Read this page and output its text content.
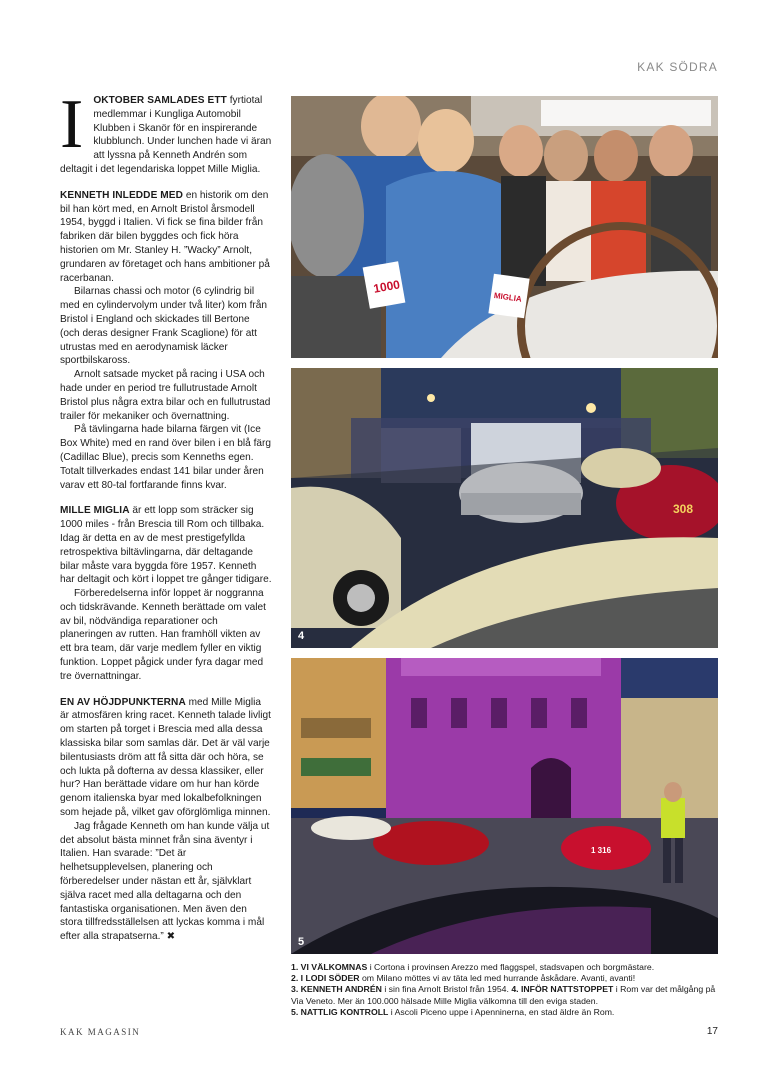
KAK SÖDRA

I OKTOBER SAMLADES ETT fyrtiotal medlemmar i Kungliga Automobil Klubben i Skanör för en inspirerande klubblunch. Under lunchen hade vi äran att lyssna på Kenneth Andrén som deltagit i det legendariska loppet Mille Miglia.

KENNETH INLEDDE MED en historik om den bil han kört med, en Arnolt Bristol årsmodell 1954, byggd i Italien. Vi fick se fina bilder från fabriken där bilen byggdes och fick höra historien om Mr. Stanley H. ”Wacky” Arnolt, grundaren av företaget och hans ambitioner på racerbanan.

Bilarnas chassi och motor (6 cylindrig bil med en cylindervolym under två liter) kom från Bristol i England och skickades till Bertone (och deras designer Frank Scaglione) för att utrustas med en aerodynamisk läcker sportbilskaross.

Arnolt satsade mycket på racing i USA och hade under en period tre fullutrustade Arnolt Bristol plus några extra bilar och en fullutrustad trailer för mekaniker och övernattning.

På tävlingarna hade bilarna färgen vit (Ice Box White) med en rand över bilen i en blå färg (Cadillac Blue), precis som Kenneths egen. Totalt tillverkades endast 141 bilar under åren varav ett 80-tal fortfarande finns kvar.

MILLE MIGLIA är ett lopp som sträcker sig 1000 miles - från Brescia till Rom och tillbaka. Idag är detta en av de mest prestigefyllda retrospektiva biltävlingarna, där deltagande bilar måste vara byggda före 1957. Kenneth har deltagit och kört i loppet tre gånger tidigare.

Förberedelserna inför loppet är noggranna och tidskrävande. Kenneth berättade om valet av bil, nödvändiga reparationer och planeringen av rutten. Han framhöll vikten av ett bra team, där varje medlem fyller en viktig funktion. Loppet pågick under fyra dagar med tre övernattningar.

EN AV HÖJDPUNKTERNA med Mille Miglia är atmosfären kring racet. Kenneth talade livligt om starten på torget i Brescia med alla dessa klassiska bilar som samlas där. Det är väl varje bilentusiasts dröm att få sitta där och höra, se och lukta på dofterna av dessa klassiker, eller hur? Han berättade vidare om hur han körde genom italienska byar med lokalbefolkningen som hejade på, vilket gav oförglömliga minnen.

Jag frågade Kenneth om han kunde välja ut det absolut bästa minnet från sina äventyr i Italien. Han svarade: ”Det är helhetsupplevelsen, planering och förberedelser under nästan ett år, självklart själva racet med alla deltagarna och den fantastiska organisationen. Men även den stora tillfredsställelsen att lyckas komma i mål efter alla strapatserna.” ✖

1000
MIGLIA

308
4
1 316
5
1. VI VÄLKOMNAS i Cortona i provinsen Arezzo med flaggspel, stadsvapen och borgmästare.
2. I LODI SÖDER om Milano möttes vi av täta led med hurrande åskådare. Avanti, avanti!
3. KENNETH ANDRÉN i sin fina Arnolt Bristol från 1954. 4. INFÖR NATTSTOPPET i Rom var det målgång på Via Veneto. Mer än 100.000 hälsade Mille Miglia välkomna till den eviga staden.
5. NATTLIG KONTROLL i Ascoli Piceno uppe i Apenninerna, en stad äldre än Rom.
KAK MAGASIN	17
